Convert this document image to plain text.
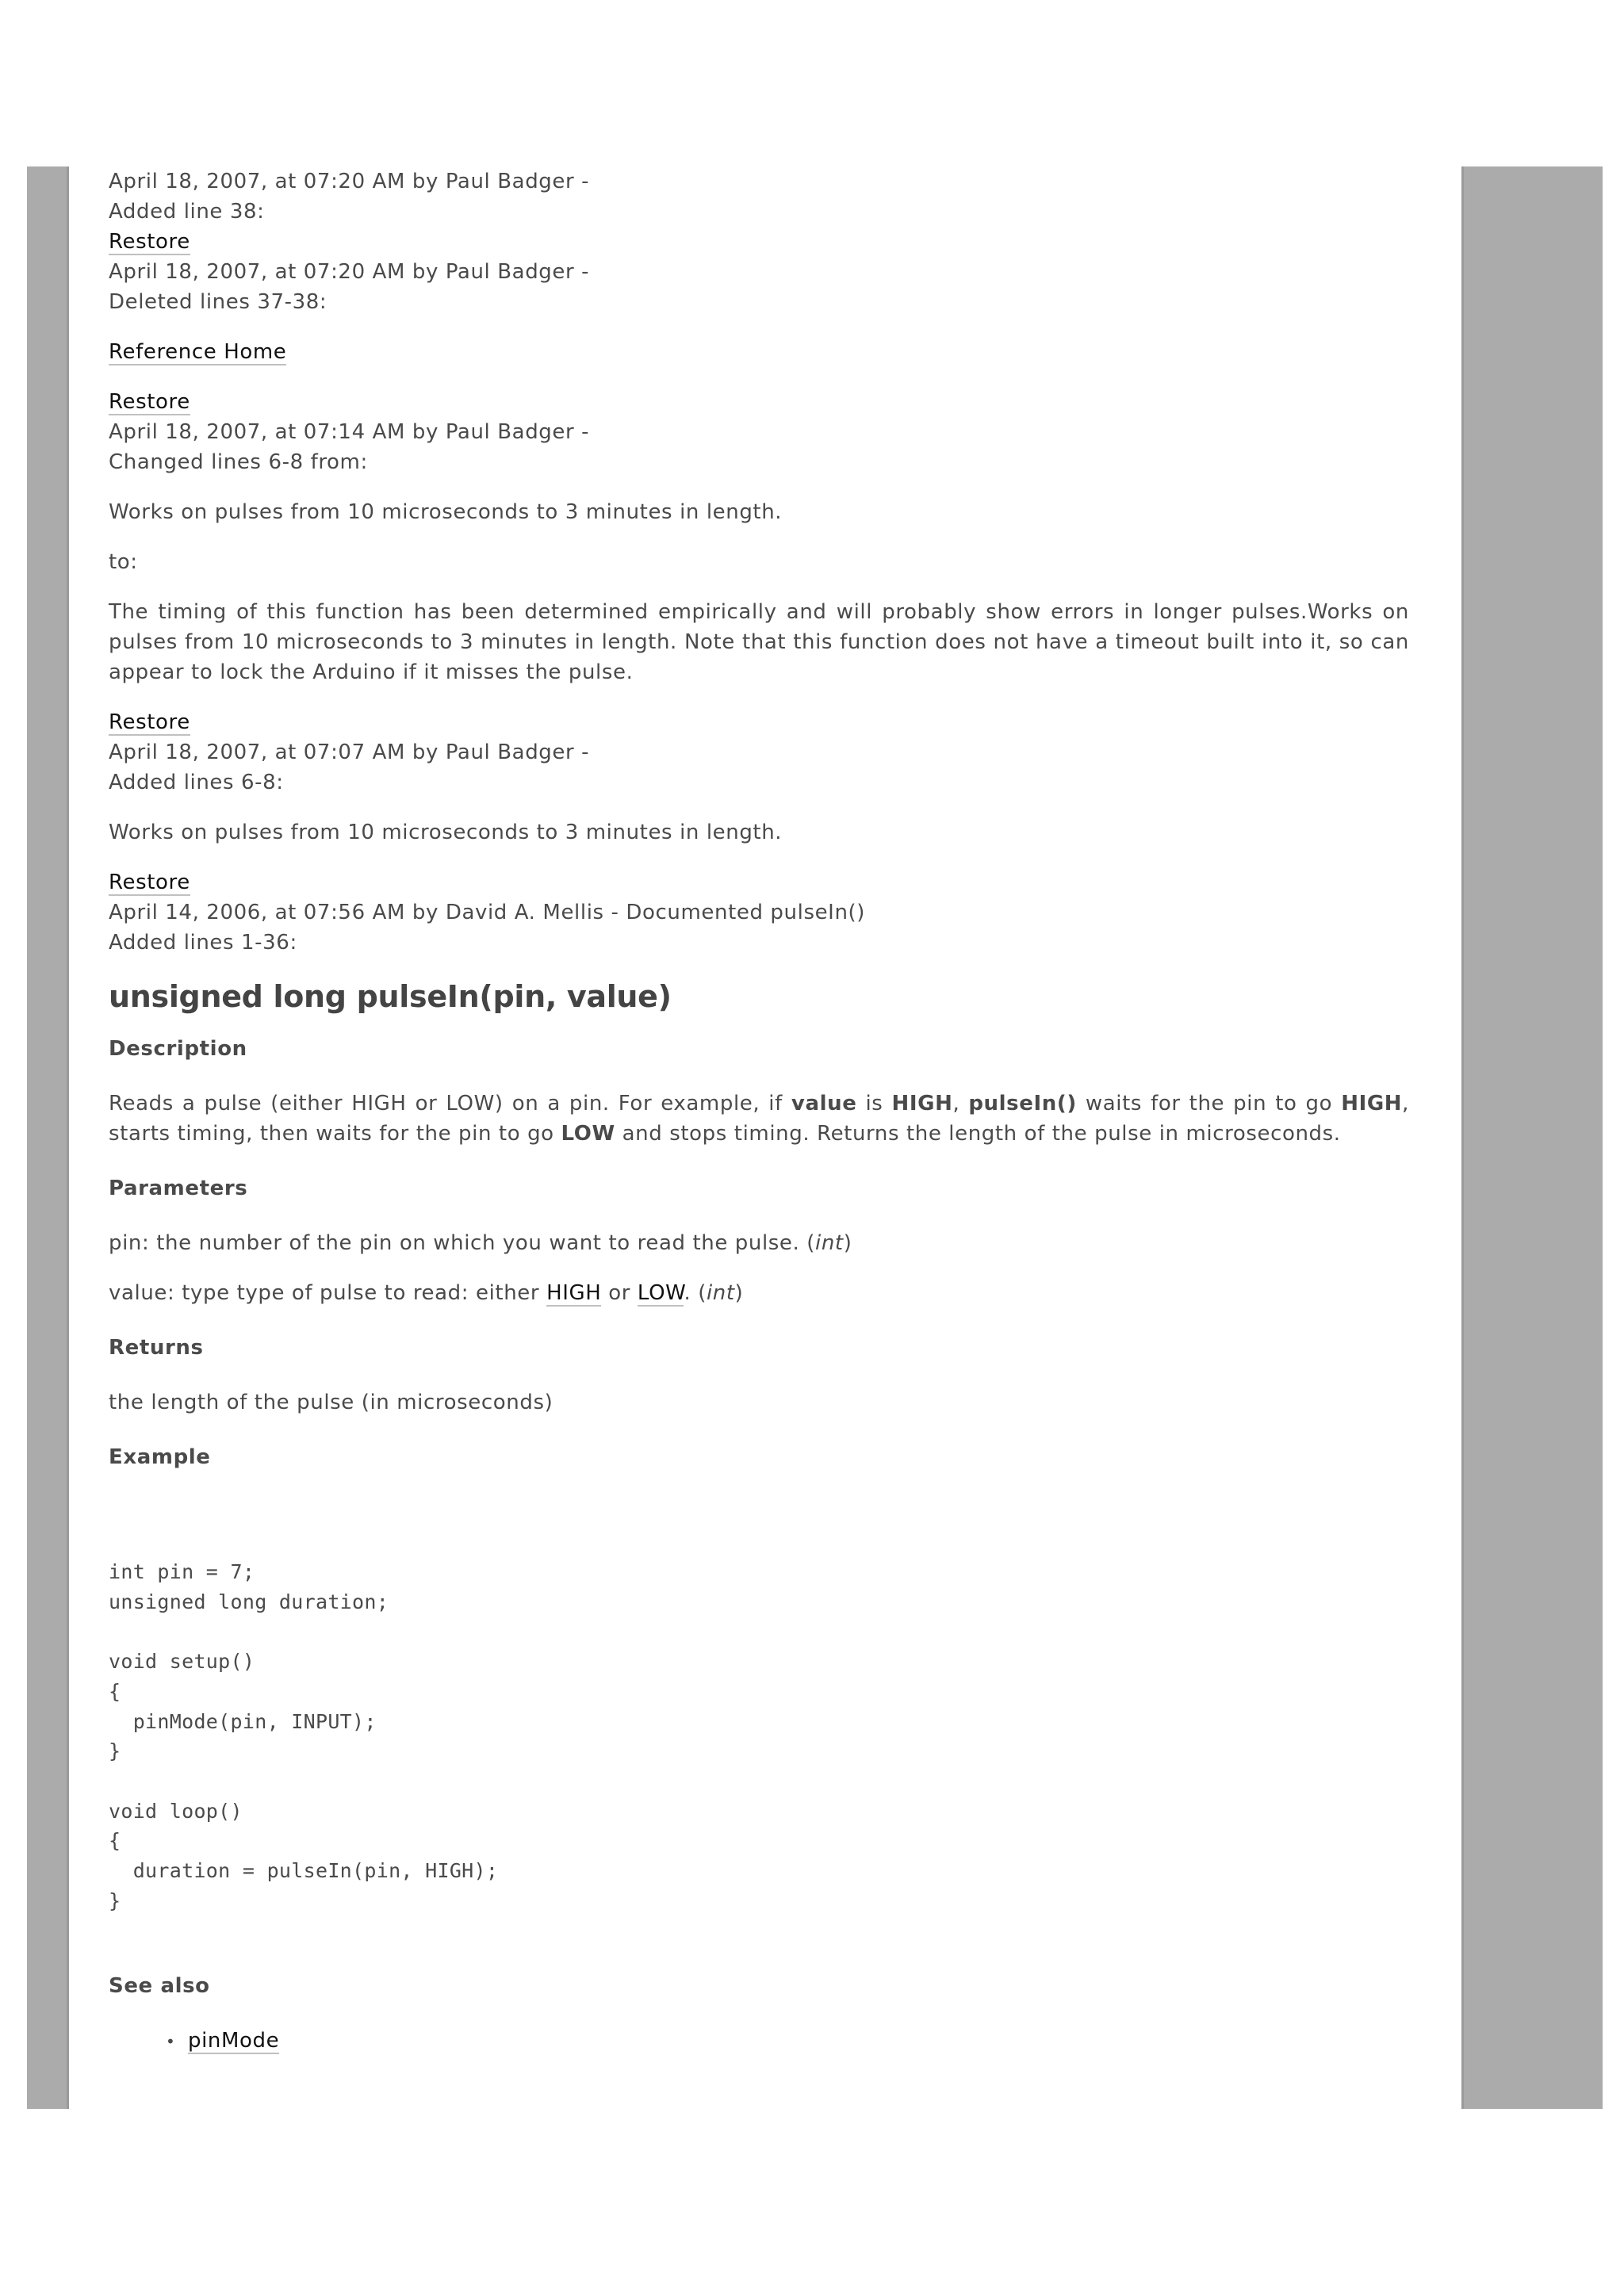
April 18, 2007, at 07:20 AM by Paul Badger -
Added line 38:
Restore
April 18, 2007, at 07:20 AM by Paul Badger -
Deleted lines 37-38:
Reference Home
Restore
April 18, 2007, at 07:14 AM by Paul Badger -
Changed lines 6-8 from:
Works on pulses from 10 microseconds to 3 minutes in length.
to:
The timing of this function has been determined empirically and will probably show errors in longer pulses.Works on pulses from 10 microseconds to 3 minutes in length. Note that this function does not have a timeout built into it, so can appear to lock the Arduino if it misses the pulse.
Restore
April 18, 2007, at 07:07 AM by Paul Badger -
Added lines 6-8:
Works on pulses from 10 microseconds to 3 minutes in length.
Restore
April 14, 2006, at 07:56 AM by David A. Mellis - Documented pulseIn()
Added lines 1-36:
unsigned long pulseIn(pin, value)
Description
Reads a pulse (either HIGH or LOW) on a pin. For example, if value is HIGH, pulseIn() waits for the pin to go HIGH, starts timing, then waits for the pin to go LOW and stops timing. Returns the length of the pulse in microseconds.
Parameters
pin: the number of the pin on which you want to read the pulse. (int)
value: type type of pulse to read: either HIGH or LOW. (int)
Returns
the length of the pulse (in microseconds)
Example
int pin = 7;
unsigned long duration;

void setup()
{
pinMode(pin, INPUT);
}

void loop()
{
duration = pulseIn(pin, HIGH);
}
See also
• pinMode
